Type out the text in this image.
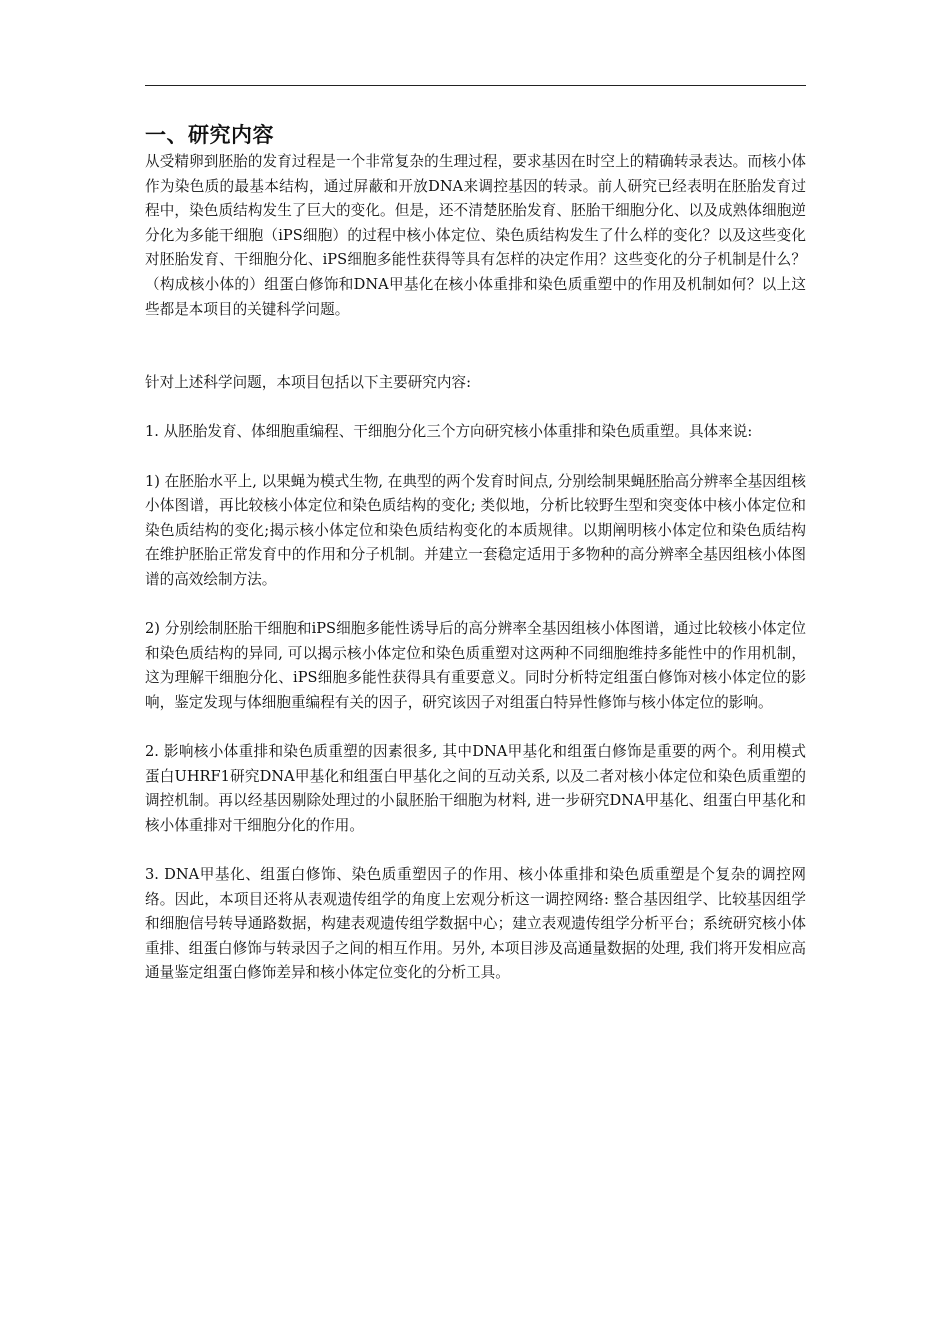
一、研究内容

从受精卵到胚胎的发育过程是一个非常复杂的生理过程，要求基因在时空上的精确转录表达。而核小体作为染色质的最基本结构，通过屏蔽和开放DNA来调控基因的转录。前人研究已经表明在胚胎发育过程中，染色质结构发生了巨大的变化。但是，还不清楚胚胎发育、胚胎干细胞分化、以及成熟体细胞逆分化为多能干细胞（iPS细胞）的过程中核小体定位、染色质结构发生了什么样的变化？以及这些变化对胚胎发育、干细胞分化、iPS细胞多能性获得等具有怎样的决定作用？这些变化的分子机制是什么？（构成核小体的）组蛋白修饰和DNA甲基化在核小体重排和染色质重塑中的作用及机制如何？以上这些都是本项目的关键科学问题。

针对上述科学问题，本项目包括以下主要研究内容:

1. 从胚胎发育、体细胞重编程、干细胞分化三个方向研究核小体重排和染色质重塑。具体来说:

1) 在胚胎水平上, 以果蝇为模式生物, 在典型的两个发育时间点, 分别绘制果蝇胚胎高分辨率全基因组核小体图谱，再比较核小体定位和染色质结构的变化; 类似地，分析比较野生型和突变体中核小体定位和染色质结构的变化;揭示核小体定位和染色质结构变化的本质规律。以期阐明核小体定位和染色质结构在维护胚胎正常发育中的作用和分子机制。并建立一套稳定适用于多物种的高分辨率全基因组核小体图谱的高效绘制方法。

2) 分别绘制胚胎干细胞和iPS细胞多能性诱导后的高分辨率全基因组核小体图谱，通过比较核小体定位和染色质结构的异同, 可以揭示核小体定位和染色质重塑对这两种不同细胞维持多能性中的作用机制，这为理解干细胞分化、iPS细胞多能性获得具有重要意义。同时分析特定组蛋白修饰对核小体定位的影响，鉴定发现与体细胞重编程有关的因子，研究该因子对组蛋白特异性修饰与核小体定位的影响。

2. 影响核小体重排和染色质重塑的因素很多, 其中DNA甲基化和组蛋白修饰是重要的两个。利用模式蛋白UHRF1研究DNA甲基化和组蛋白甲基化之间的互动关系, 以及二者对核小体定位和染色质重塑的调控机制。再以经基因剔除处理过的小鼠胚胎干细胞为材料, 进一步研究DNA甲基化、组蛋白甲基化和核小体重排对干细胞分化的作用。

3. DNA甲基化、组蛋白修饰、染色质重塑因子的作用、核小体重排和染色质重塑是个复杂的调控网络。因此，本项目还将从表观遗传组学的角度上宏观分析这一调控网络: 整合基因组学、比较基因组学和细胞信号转导通路数据，构建表观遗传组学数据中心；建立表观遗传组学分析平台；系统研究核小体重排、组蛋白修饰与转录因子之间的相互作用。另外, 本项目涉及高通量数据的处理, 我们将开发相应高通量鉴定组蛋白修饰差异和核小体定位变化的分析工具。
